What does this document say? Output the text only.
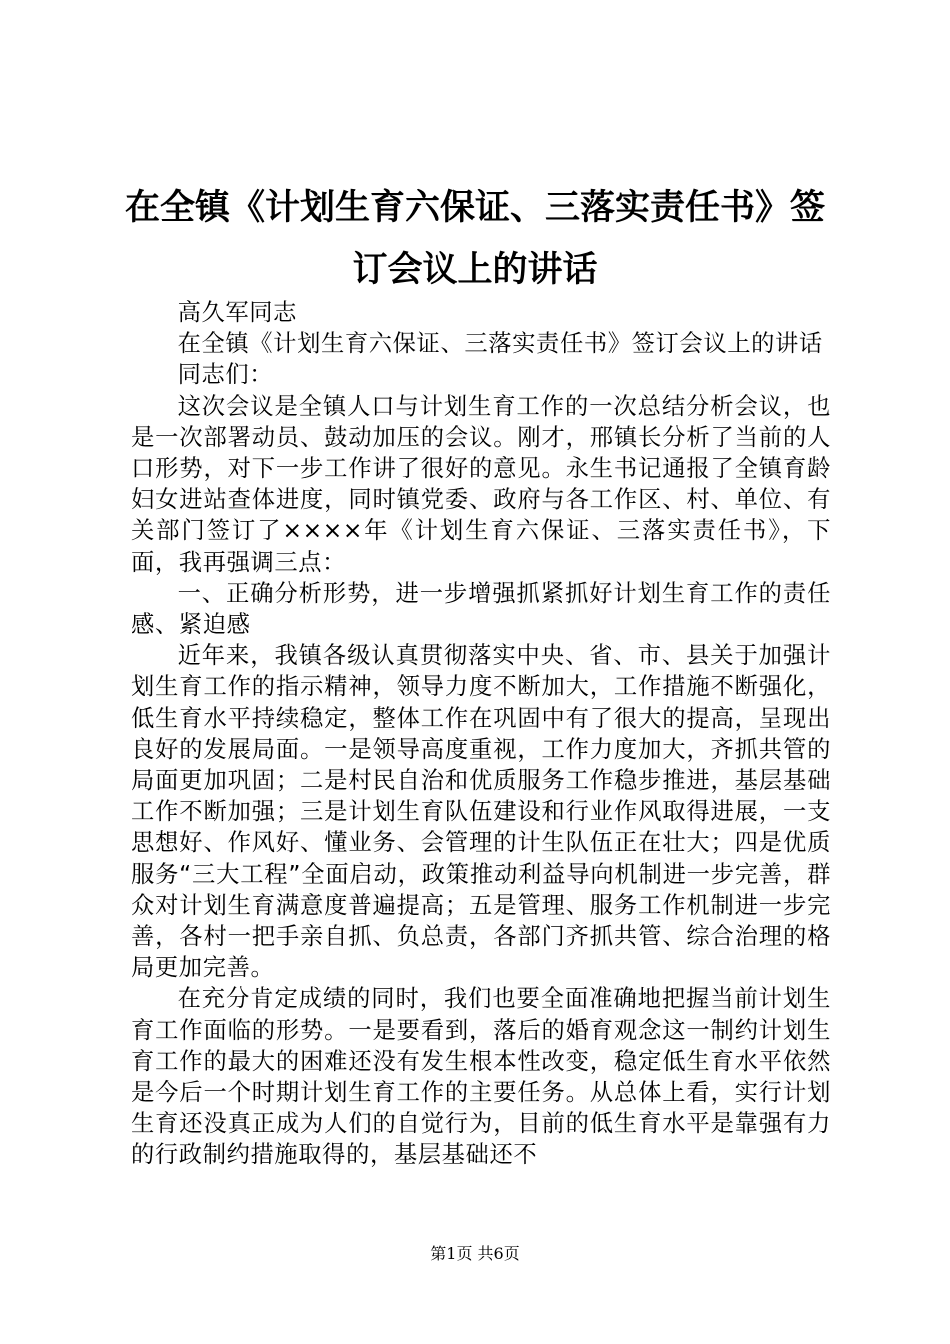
在全镇《计划生育六保证、三落实责任书》签
订会议上的讲话

高久军同志

在全镇《计划生育六保证、三落实责任书》签订会议上的讲话

同志们：

这次会议是全镇人口与计划生育工作的一次总结分析会议，也是一次部署动员、鼓动加压的会议。刚才，邢镇长分析了当前的人口形势，对下一步工作讲了很好的意见。永生书记通报了全镇育龄妇女进站查体进度，同时镇党委、政府与各工作区、村、单位、有关部门签订了××××年《计划生育六保证、三落实责任书》，下面，我再强调三点：

一、正确分析形势，进一步增强抓紧抓好计划生育工作的责任感、紧迫感

近年来，我镇各级认真贯彻落实中央、省、市、县关于加强计划生育工作的指示精神，领导力度不断加大，工作措施不断强化，低生育水平持续稳定，整体工作在巩固中有了很大的提高，呈现出良好的发展局面。一是领导高度重视，工作力度加大，齐抓共管的局面更加巩固；二是村民自治和优质服务工作稳步推进，基层基础工作不断加强；三是计划生育队伍建设和行业作风取得进展，一支思想好、作风好、懂业务、会管理的计生队伍正在壮大；四是优质服务“三大工程”全面启动，政策推动利益导向机制进一步完善，群众对计划生育满意度普遍提高；五是管理、服务工作机制进一步完善，各村一把手亲自抓、负总责，各部门齐抓共管、综合治理的格局更加完善。

在充分肯定成绩的同时，我们也要全面准确地把握当前计划生育工作面临的形势。一是要看到，落后的婚育观念这一制约计划生育工作的最大的困难还没有发生根本性改变，稳定低生育水平依然是今后一个时期计划生育工作的主要任务。从总体上看，实行计划生育还没真正成为人们的自觉行为，目前的低生育水平是靠强有力的行政制约措施取得的，基层基础还不

第1页 共6页
